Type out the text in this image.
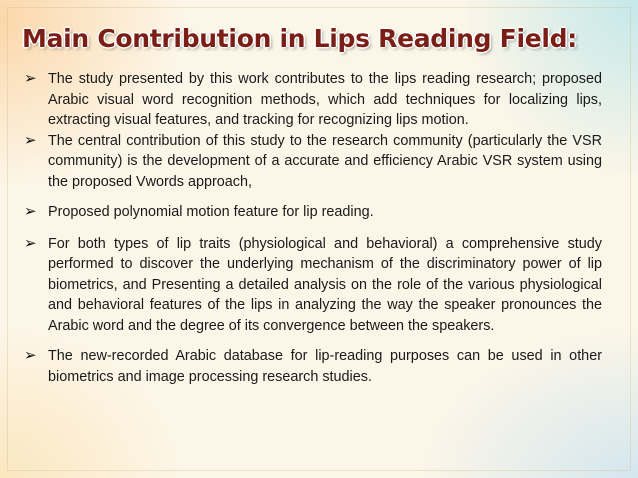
Main Contribution in Lips Reading Field:
➢ The study presented by this work contributes to the lips reading research; proposed Arabic visual word recognition methods, which add techniques for localizing lips, extracting visual features, and tracking for recognizing lips motion.
➢ The central contribution of this study to the research community (particularly the VSR community) is the development of a accurate and efficiency Arabic VSR system using the proposed Vwords approach,
➢ Proposed polynomial motion feature for lip reading.
➢ For both types of lip traits (physiological and behavioral) a comprehensive study performed to discover the underlying mechanism of the discriminatory power of lip biometrics, and Presenting a detailed analysis on the role of the various physiological and behavioral features of the lips in analyzing the way the speaker pronounces the Arabic word and the degree of its convergence between the speakers.
➢ The new-recorded Arabic database for lip-reading purposes can be used in other biometrics and image processing research studies.
